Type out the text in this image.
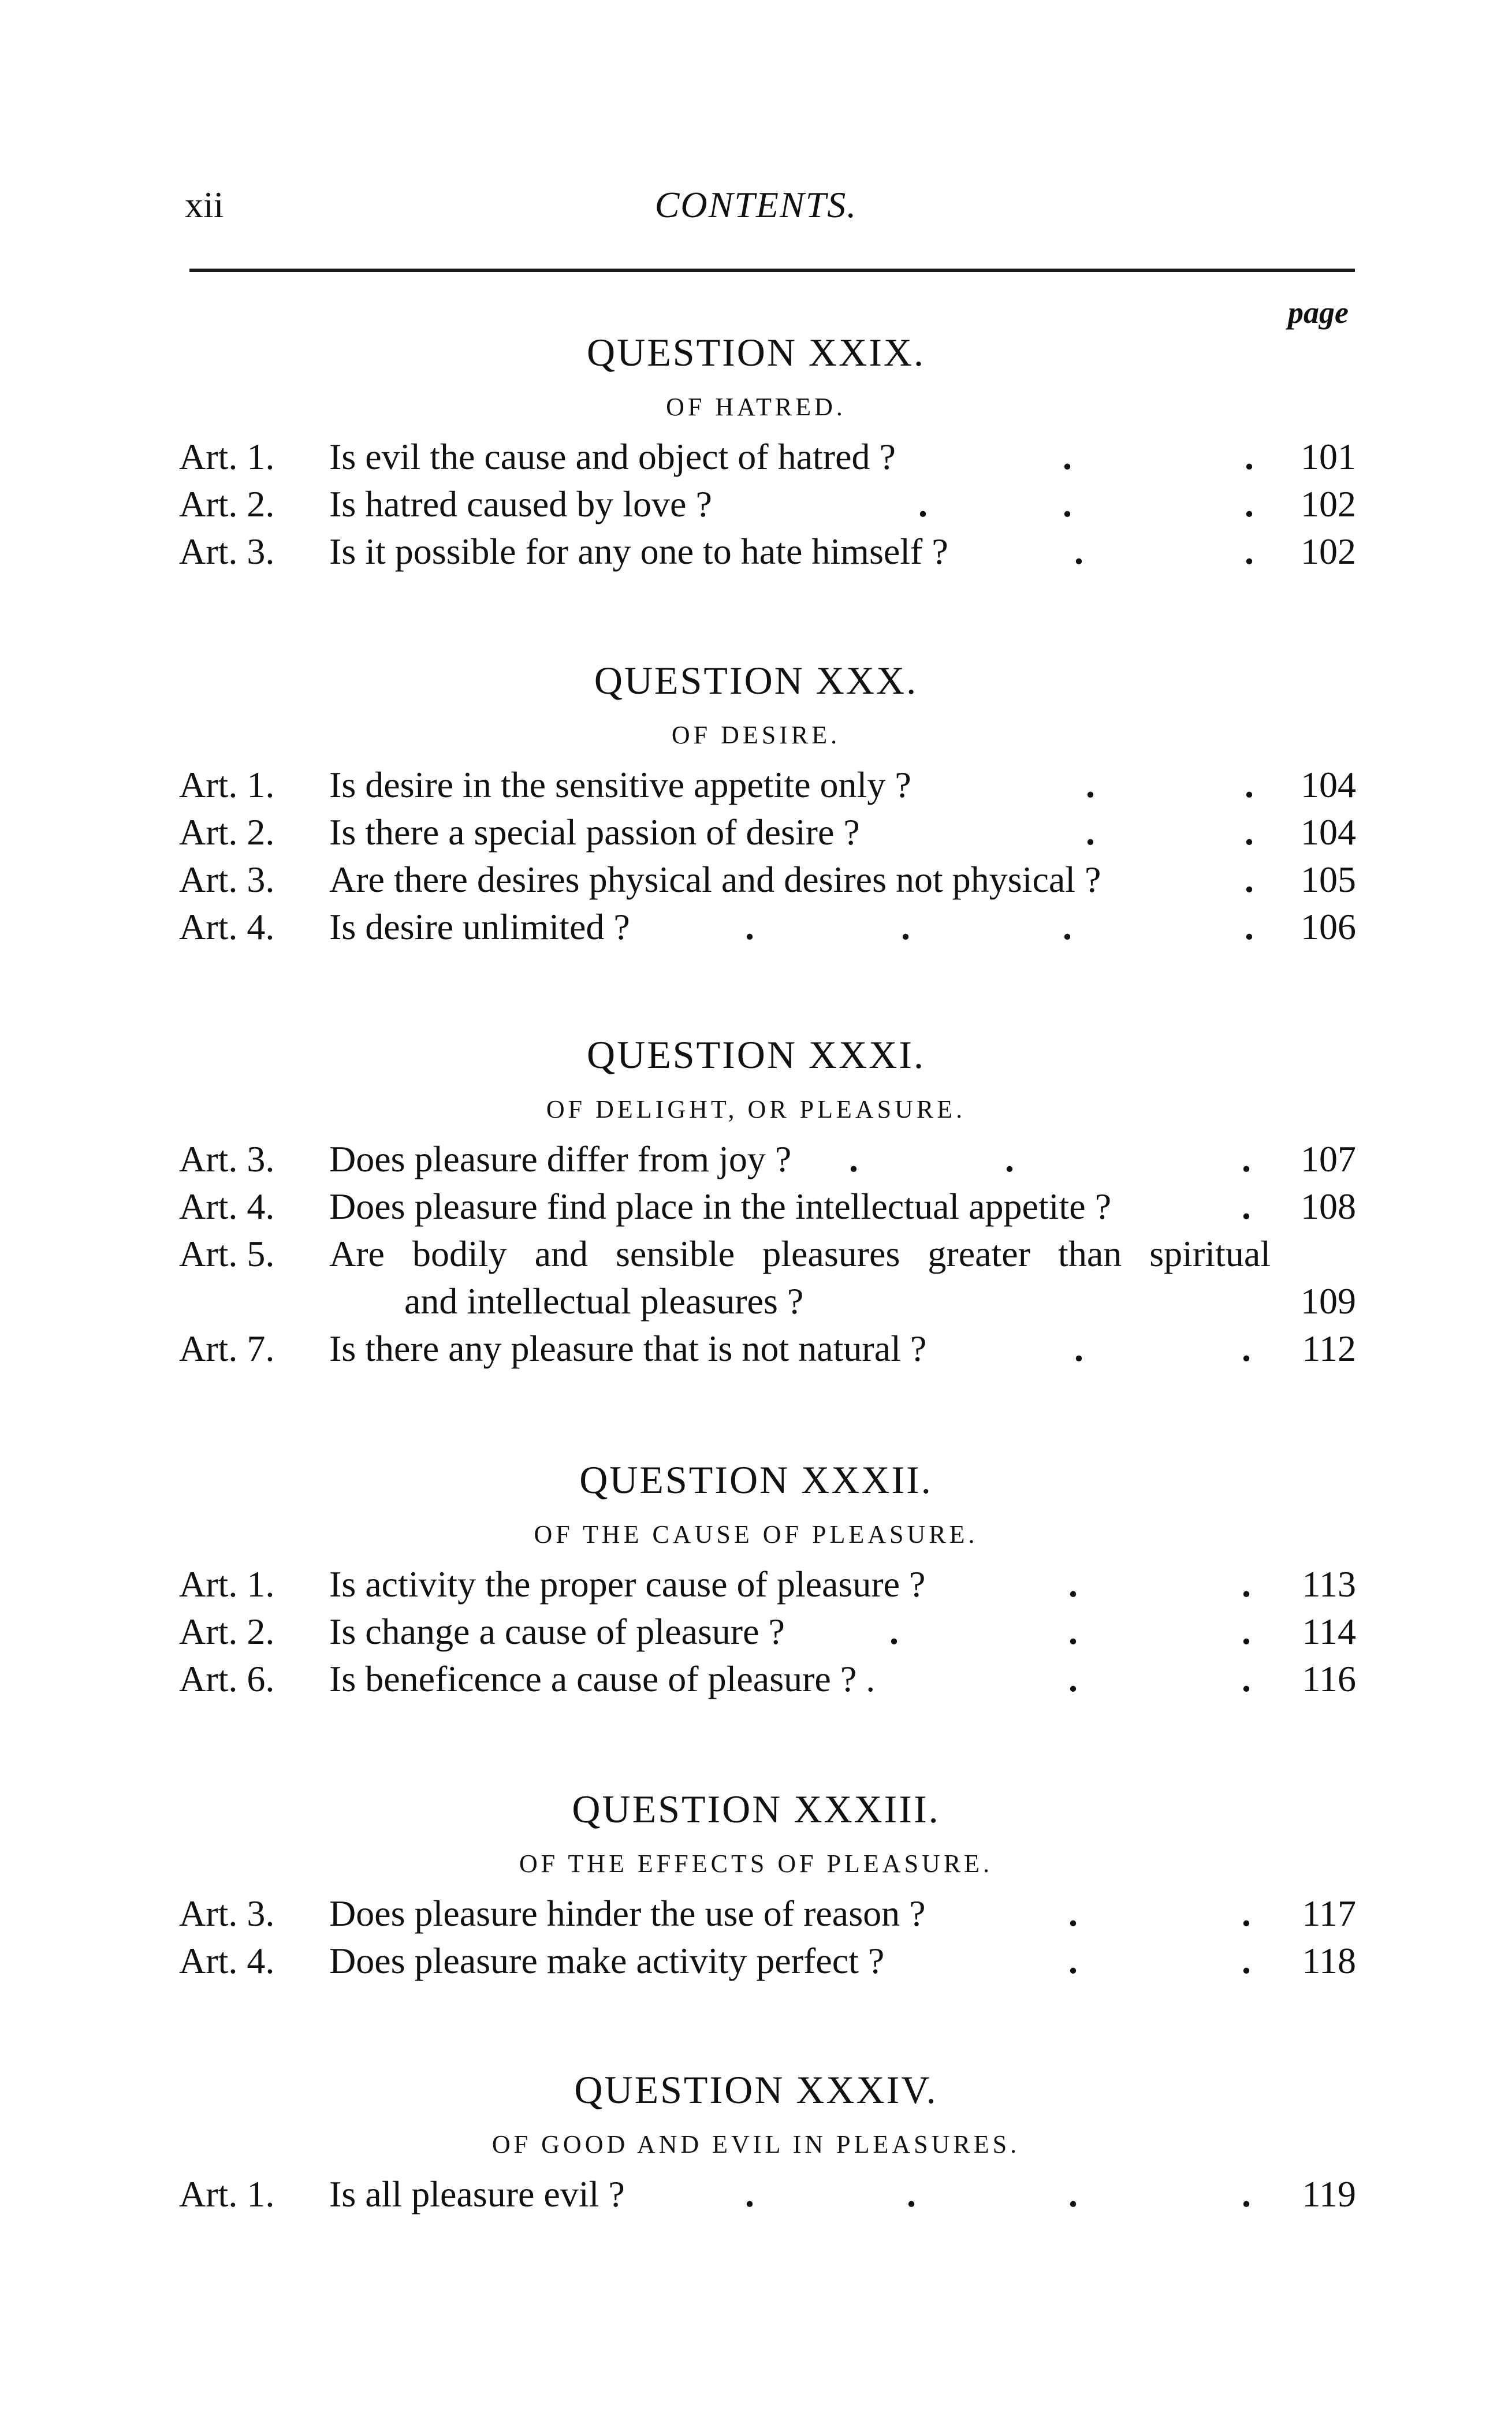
xii	CONTENTS.
page
QUESTION XXIX.
OF HATRED.
Art. 1. Is evil the cause and object of hatred ?	.	. 101
Art. 2. Is hatred caused by love ?	.	.	. 102
Art. 3. Is it possible for any one to hate himself ?	.	. 102
QUESTION XXX.
OF DESIRE.
Art. 1. Is desire in the sensitive appetite only ?	.	. 104
Art. 2. Is there a special passion of desire ?	.	. 104
Art. 3. Are there desires physical and desires not physical ?	. 105
Art. 4. Is desire unlimited ?	.	.	.	. 106
QUESTION XXXI.
OF DELIGHT, OR PLEASURE.
Art. 3. Does pleasure differ from joy ? .	.	. 107
Art. 4. Does pleasure find place in the intellectual appetite ?	. 108
Art. 5. Are bodily and sensible pleasures greater than spiritual
and intellectual pleasures ?	109
Art. 7. Is there any pleasure that is not natural ?	.	. 112
QUESTION XXXII.
OF THE CAUSE OF PLEASURE.
Art. 1. Is activity the proper cause of pleasure ?	.	. 113
Art. 2. Is change a cause of pleasure ?	.	.	. 114
Art. 6. Is beneficence a cause of pleasure ? .	.	. 116
QUESTION XXXIII.
OF THE EFFECTS OF PLEASURE.
Art. 3. Does pleasure hinder the use of reason ?	.	. 117
Art. 4. Does pleasure make activity perfect ?	.	. 118
QUESTION XXXIV.
OF GOOD AND EVIL IN PLEASURES.
Art. 1. Is all pleasure evil ?	.	.	.	. 119
